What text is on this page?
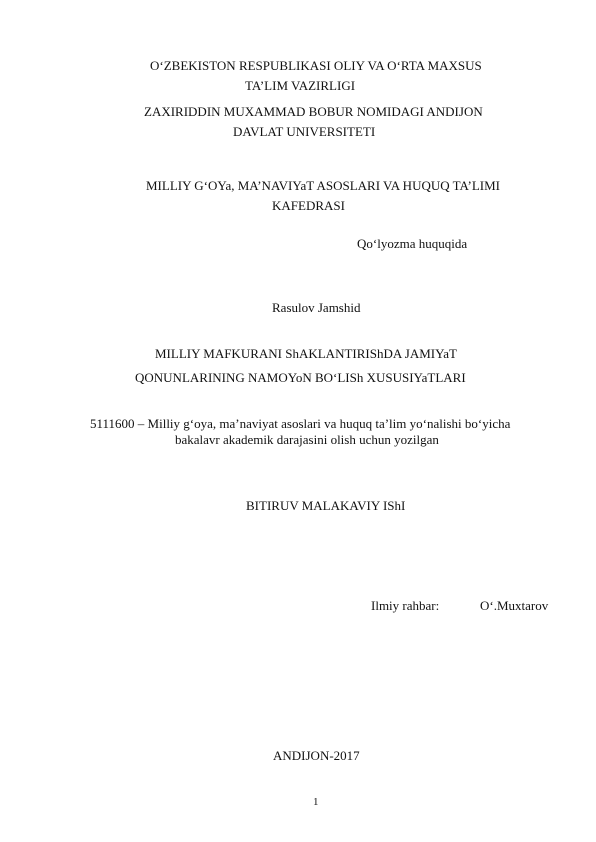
O‘ZBEKISTON RESPUBLIKASI OLIY VA O‘RTA MAXSUS
TA’LIM VAZIRLIGI
ZAXIRIDDIN MUXAMMAD BOBUR NOMIDAGI ANDIJON
DAVLAT UNIVERSITETI
MILLIY G‘OYa, MA’NAVIYaT ASOSLARI VA HUQUQ TA’LIMI
KAFEDRASI
Qo‘lyozma huquqida
Rasulov Jamshid
MILLIY MAFKURANI ShAKLANTIRIShDA JAMIYaT
QONUNLARINING NAMOYoN BO‘LISh XUSUSIYaTLARI
5111600 – Milliy g‘oya, ma’naviyat asoslari va huquq ta’lim yo‘nalishi bo‘yicha
bakalavr akademik darajasini olish uchun yozilgan
BITIRUV MALAKAVIY IShI
Ilmiy rahbar:	O‘.Muxtarov
ANDIJON-2017
1
